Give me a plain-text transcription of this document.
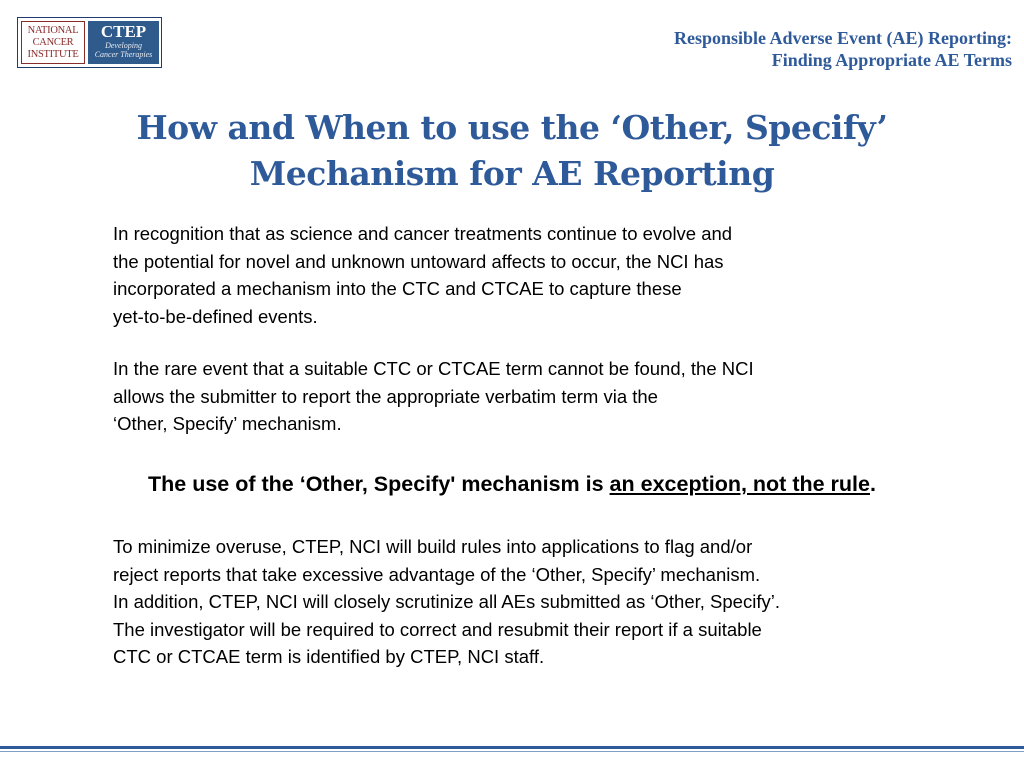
NATIONAL
CANCER
INSTITUTE
CTEP
Developing
Cancer Therapies
Responsible Adverse Event (AE) Reporting:
Finding Appropriate AE Terms
How and When to use the ‘Other, Specify’
Mechanism for AE Reporting

In recognition that as science and cancer treatments continue to evolve and
the potential for novel and unknown untoward affects to occur, the NCI has
incorporated a mechanism into the CTC and CTCAE to capture these
yet-to-be-defined events.

In the rare event that a suitable CTC or CTCAE term cannot be found, the NCI
allows the submitter to report the appropriate verbatim term via the
‘Other, Specify’ mechanism.

The use of the ‘Other, Specify' mechanism is an exception, not the rule.

To minimize overuse, CTEP, NCI will build rules into applications to flag and/or
reject reports that take excessive advantage of the ‘Other, Specify’ mechanism.
In addition, CTEP, NCI will closely scrutinize all AEs submitted as ‘Other, Specify’.
The investigator will be required to correct and resubmit their report if a suitable
CTC or CTCAE term is identified by CTEP, NCI staff.
